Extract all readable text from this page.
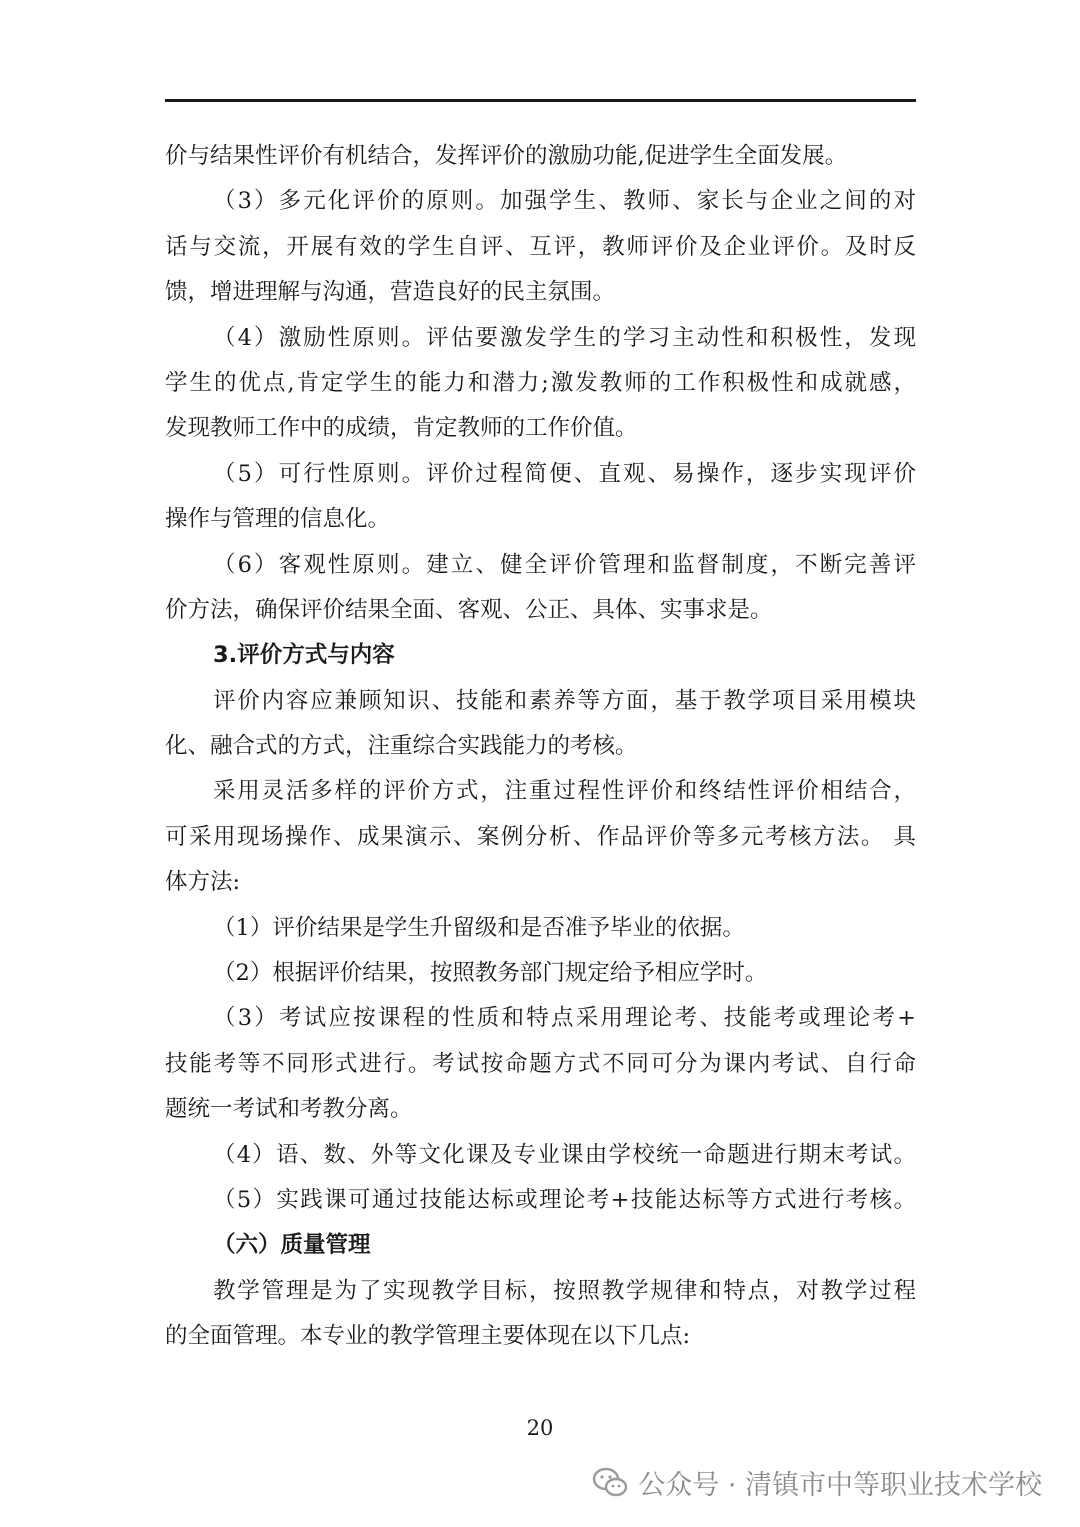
价与结果性评价有机结合，发挥评价的激励功能,促进学生全面发展。
（3）多元化评价的原则。加强学生、教师、家长与企业之间的对
话与交流，开展有效的学生自评、互评，教师评价及企业评价。及时反
馈，增进理解与沟通，营造良好的民主氛围。
（4）激励性原则。评估要激发学生的学习主动性和积极性，发现
学生的优点,肯定学生的能力和潜力;激发教师的工作积极性和成就感，
发现教师工作中的成绩，肯定教师的工作价值。
（5）可行性原则。评价过程简便、直观、易操作，逐步实现评价
操作与管理的信息化。
（6）客观性原则。建立、健全评价管理和监督制度，不断完善评
价方法，确保评价结果全面、客观、公正、具体、实事求是。
3.评价方式与内容
评价内容应兼顾知识、技能和素养等方面，基于教学项目采用模块
化、融合式的方式，注重综合实践能力的考核。
采用灵活多样的评价方式，注重过程性评价和终结性评价相结合，
可采用现场操作、成果演示、案例分析、作品评价等多元考核方法。 具
体方法:
（1）评价结果是学生升留级和是否准予毕业的依据。
（2）根据评价结果，按照教务部门规定给予相应学时。
（3）考试应按课程的性质和特点采用理论考、技能考或理论考+
技能考等不同形式进行。考试按命题方式不同可分为课内考试、自行命
题统一考试和考教分离。
（4）语、数、外等文化课及专业课由学校统一命题进行期末考试。
（5）实践课可通过技能达标或理论考+技能达标等方式进行考核。
（六）质量管理
教学管理是为了实现教学目标，按照教学规律和特点，对教学过程
的全面管理。本专业的教学管理主要体现在以下几点:
20
公众号 · 清镇市中等职业技术学校
